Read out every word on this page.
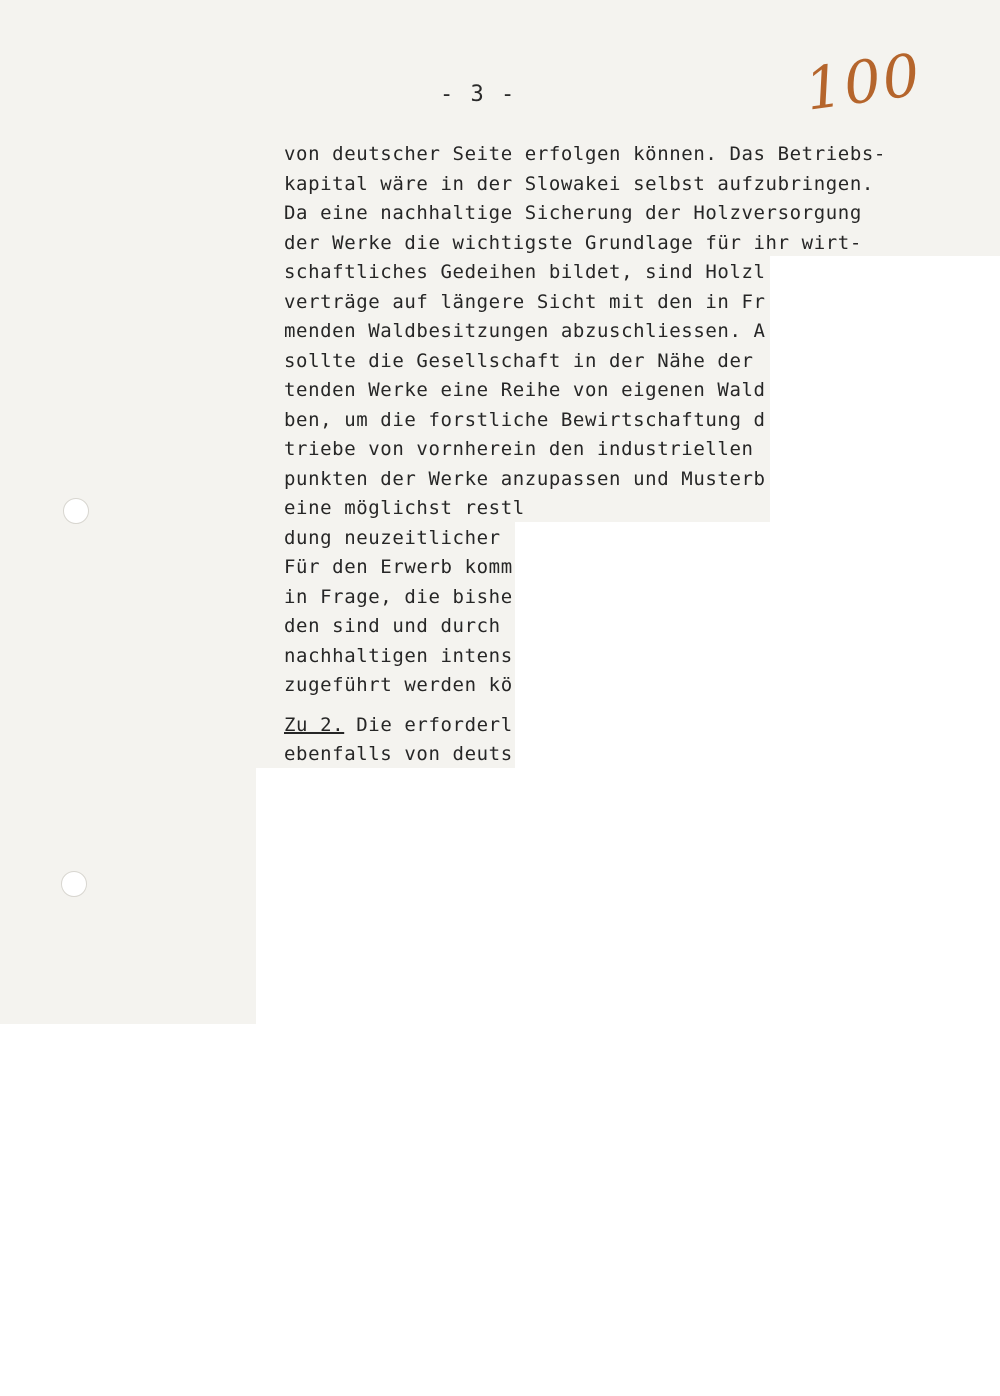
- 3 -	100
von deutscher Seite erfolgen können. Das Betriebs-
kapital wäre in der Slowakei selbst aufzubringen.
Da eine nachhaltige Sicherung der Holzversorgung
der Werke die wichtigste Grundlage für ihr wirt-
schaftliches Gedeihen bildet, sind Holzl
verträge auf längere Sicht mit den in Fr
menden Waldbesitzungen abzuschliessen. A
sollte die Gesellschaft in der Nähe der
tenden Werke eine Reihe von eigenen Wald
ben, um die forstliche Bewirtschaftung d
triebe von vornherein den industriellen
punkten der Werke anzupassen und Musterb
eine möglichst restl
dung neuzeitlicher
Für den Erwerb komm
in Frage, die bishe
den sind und durch
nachhaltigen intens
zugeführt werden kö
Zu 2. Die erforderl
ebenfalls von deuts
